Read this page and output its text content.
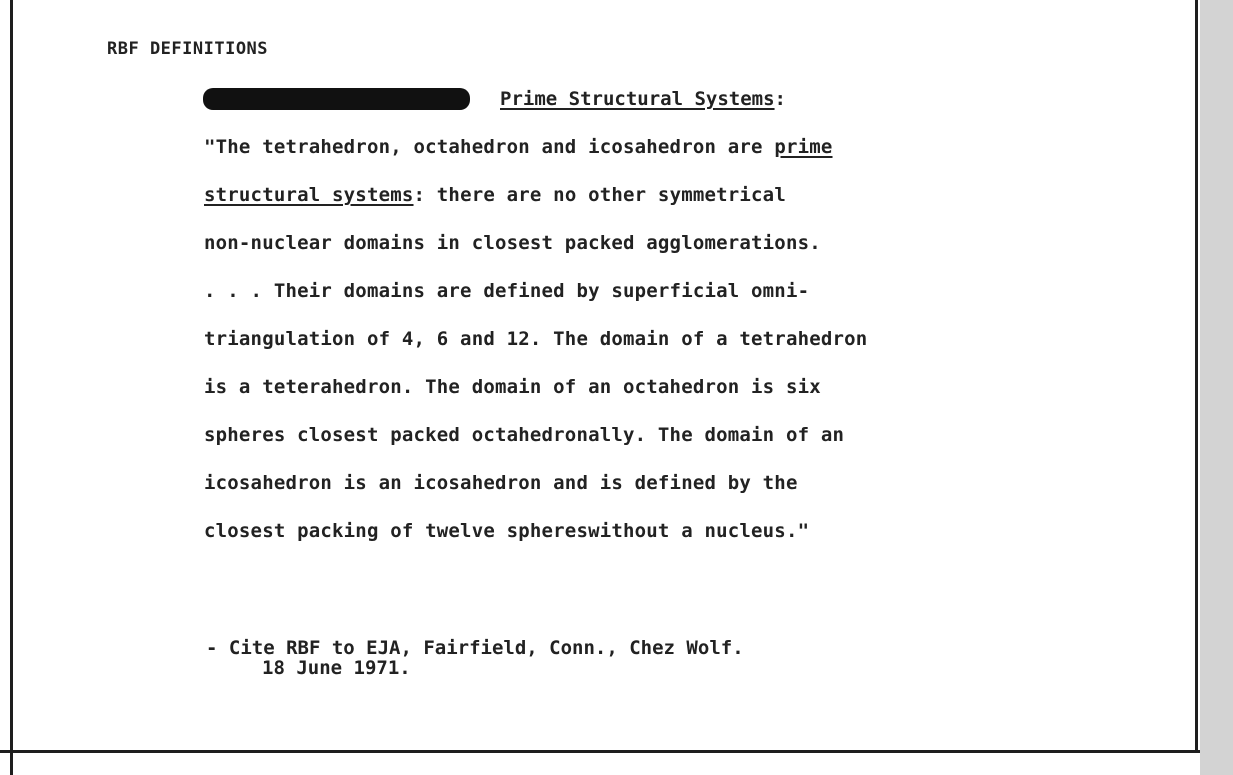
RBF DEFINITIONS
Prime Structural Systems:
"The tetrahedron, octahedron and icosahedron are prime
structural systems: there are no other symmetrical
non-nuclear domains in closest packed agglomerations.
. . . Their domains are defined by superficial omni-
triangulation of 4, 6 and 12. The domain of a tetrahedron
is a teterahedron. The domain of an octahedron is six
spheres closest packed octahedronally. The domain of an
icosahedron is an icosahedron and is defined by the
closest packing of twelve sphereswithout a nucleus."
- Cite RBF to EJA, Fairfield, Conn., Chez Wolf.
18 June 1971.
